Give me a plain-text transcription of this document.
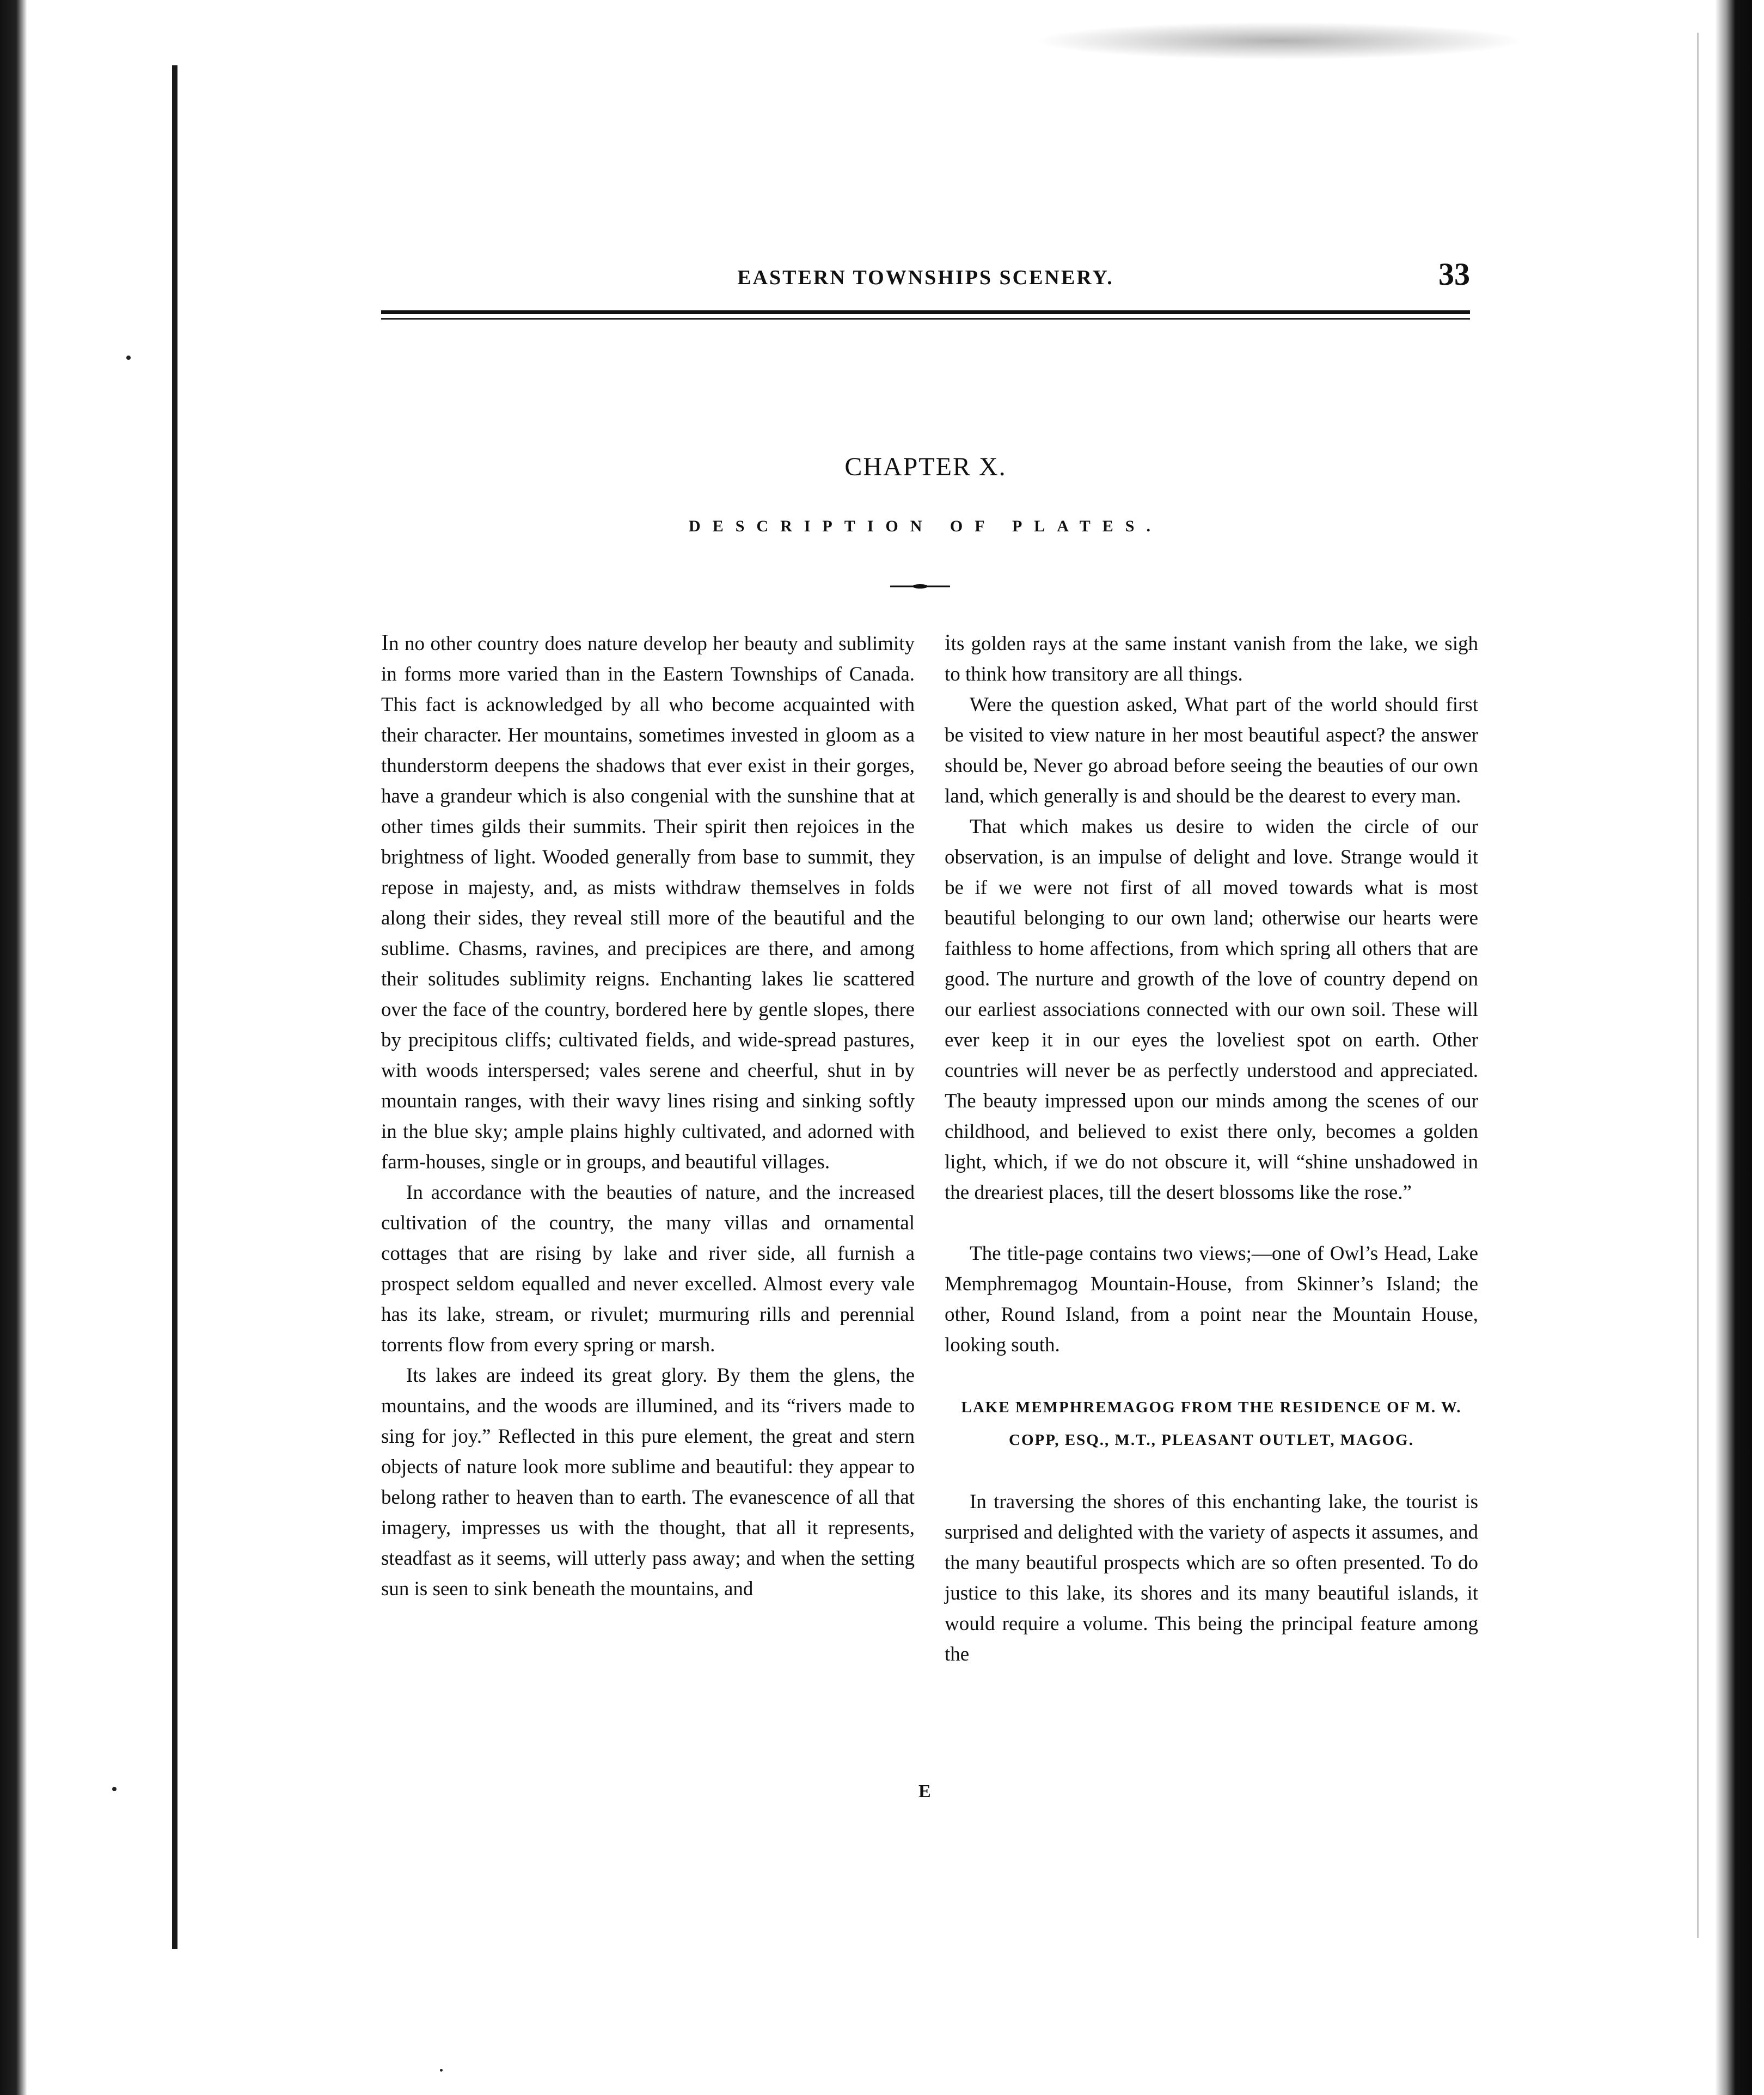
EASTERN TOWNSHIPS SCENERY.	33
CHAPTER X.
DESCRIPTION OF PLATES.

In no other country does nature develop her beauty and sublimity in forms more varied than in the Eastern Townships of Canada. This fact is acknowledged by all who become acquainted with their character. Her mountains, sometimes invested in gloom as a thunderstorm deepens the shadows that ever exist in their gorges, have a grandeur which is also congenial with the sunshine that at other times gilds their summits. Their spirit then rejoices in the brightness of light. Wooded generally from base to summit, they repose in majesty, and, as mists withdraw themselves in folds along their sides, they reveal still more of the beautiful and the sublime. Chasms, ravines, and precipices are there, and among their solitudes sublimity reigns. Enchanting lakes lie scattered over the face of the country, bordered here by gentle slopes, there by precipitous cliffs; cultivated fields, and wide-spread pastures, with woods interspersed; vales serene and cheerful, shut in by mountain ranges, with their wavy lines rising and sinking softly in the blue sky; ample plains highly cultivated, and adorned with farm-houses, single or in groups, and beautiful villages.

In accordance with the beauties of nature, and the increased cultivation of the country, the many villas and ornamental cottages that are rising by lake and river side, all furnish a prospect seldom equalled and never excelled. Almost every vale has its lake, stream, or rivulet; murmuring rills and perennial torrents flow from every spring or marsh.

Its lakes are indeed its great glory. By them the glens, the mountains, and the woods are illumined, and its “rivers made to sing for joy.” Reflected in this pure element, the great and stern objects of nature look more sublime and beautiful: they appear to belong rather to heaven than to earth. The evanescence of all that imagery, impresses us with the thought, that all it represents, steadfast as it seems, will utterly pass away; and when the setting sun is seen to sink beneath the mountains, and

its golden rays at the same instant vanish from the lake, we sigh to think how transitory are all things.

Were the question asked, What part of the world should first be visited to view nature in her most beautiful aspect? the answer should be, Never go abroad before seeing the beauties of our own land, which generally is and should be the dearest to every man.

That which makes us desire to widen the circle of our observation, is an impulse of delight and love. Strange would it be if we were not first of all moved towards what is most beautiful belonging to our own land; otherwise our hearts were faithless to home affections, from which spring all others that are good. The nurture and growth of the love of country depend on our earliest associations connected with our own soil. These will ever keep it in our eyes the loveliest spot on earth. Other countries will never be as perfectly understood and appreciated. The beauty impressed upon our minds among the scenes of our childhood, and believed to exist there only, becomes a golden light, which, if we do not obscure it, will “shine unshadowed in the dreariest places, till the desert blossoms like the rose.”

The title-page contains two views;—one of Owl’s Head, Lake Memphremagog Mountain-House, from Skinner’s Island; the other, Round Island, from a point near the Mountain House, looking south.

LAKE MEMPHREMAGOG FROM THE RESIDENCE OF M. W.
COPP, ESQ., M.T., PLEASANT OUTLET, MAGOG.

In traversing the shores of this enchanting lake, the tourist is surprised and delighted with the variety of aspects it assumes, and the many beautiful prospects which are so often presented. To do justice to this lake, its shores and its many beautiful islands, it would require a volume. This being the principal feature among the

E
